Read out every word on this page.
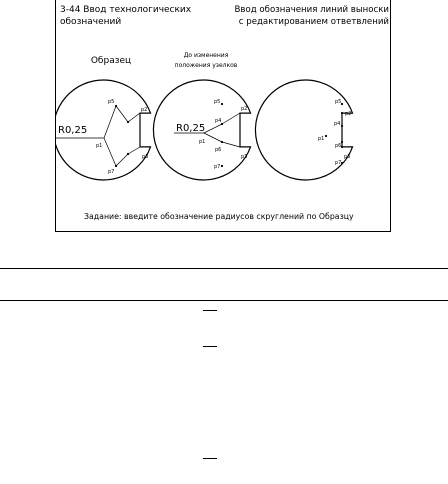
3-44 Ввод технологических
обозначений
Ввод обозначения линий выноски
с редактированием ответвлений
Образец
До изменения
положения узелков
R0,25
p1
p2
p3
p5
p7
R0,25
p1
p2
p3
p4
p5
p6
p7
p1
p2
p3
p4
p5
p6
p7
Задание: введите обозначение радиусов скруглений по Образцу
